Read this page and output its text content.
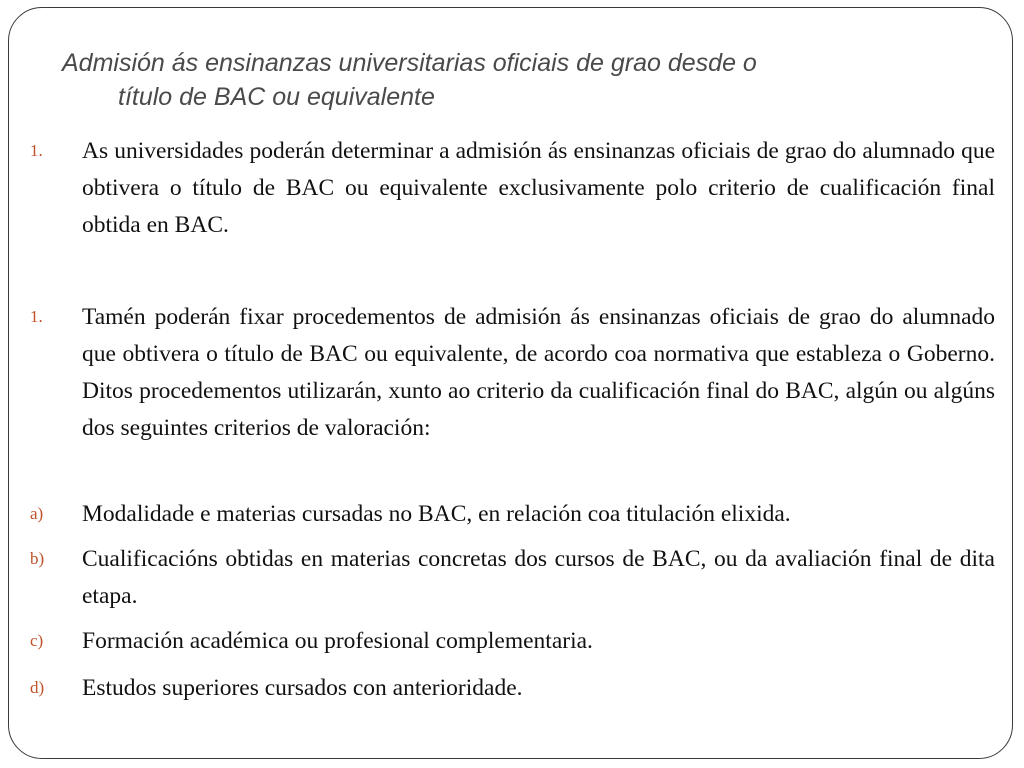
Admisión ás ensinanzas universitarias oficiais de grao desde o
título de BAC ou equivalente
1. As universidades poderán determinar a admisión ás ensinanzas oficiais de grao do alumnado que obtivera o título de BAC ou equivalente exclusivamente polo criterio de cualificación final obtida en BAC.
1. Tamén poderán fixar procedementos de admisión ás ensinanzas oficiais de grao do alumnado que obtivera o título de BAC ou equivalente, de acordo coa normativa que estableza o Goberno. Ditos procedementos utilizarán, xunto ao criterio da cualificación final do BAC, algún ou algúns dos seguintes criterios de valoración:
a) Modalidade e materias cursadas no BAC, en relación coa titulación elixida.
b) Cualificacións obtidas en materias concretas dos cursos de BAC, ou da avaliación final de dita etapa.
c) Formación académica ou profesional complementaria.
d) Estudos superiores cursados con anterioridade.
